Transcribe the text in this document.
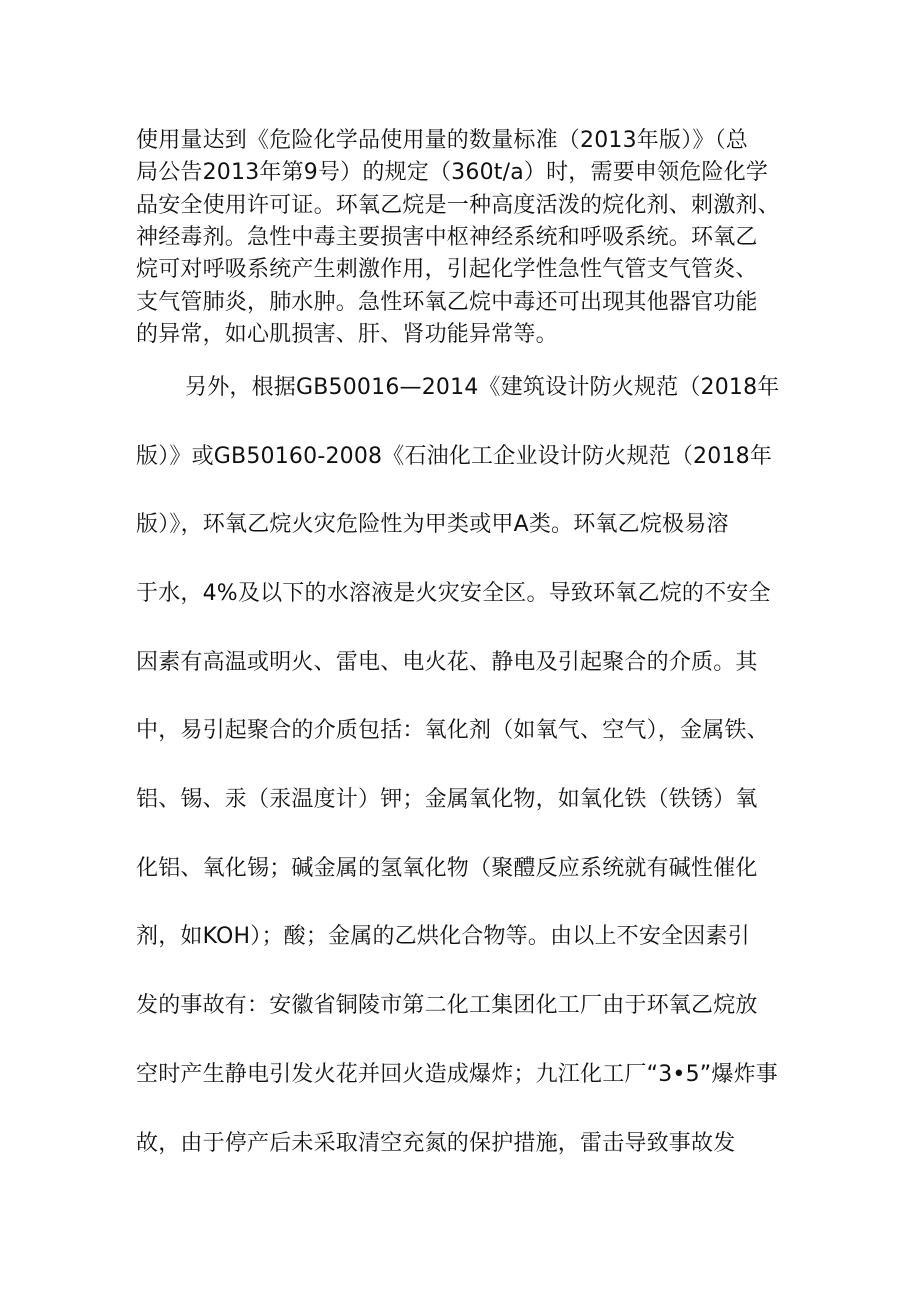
使用量达到《危险化学品使用量的数量标准（2013年版）》（总
局公告2013年第9号）的规定（360t/a）时，需要申领危险化学
品安全使用许可证。环氧乙烷是一种高度活泼的烷化剂、刺激剂、
神经毒剂。急性中毒主要损害中枢神经系统和呼吸系统。环氧乙
烷可对呼吸系统产生刺激作用，引起化学性急性气管支气管炎、
支气管肺炎，肺水肿。急性环氧乙烷中毒还可出现其他器官功能
的异常，如心肌损害、肝、肾功能异常等。
另外，根据GB50016—2014《建筑设计防火规范（2018年
版）》或GB50160-2008《石油化工企业设计防火规范（2018年
版）》，环氧乙烷火灾危险性为甲类或甲A类。环氧乙烷极易溶
于水，4%及以下的水溶液是火灾安全区。导致环氧乙烷的不安全
因素有高温或明火、雷电、电火花、静电及引起聚合的介质。其
中，易引起聚合的介质包括：氧化剂（如氧气、空气），金属铁、
铝、锡、汞（汞温度计）钾；金属氧化物，如氧化铁（铁锈）氧
化铝、氧化锡；碱金属的氢氧化物（聚醴反应系统就有碱性催化
剂，如KOH）；酸；金属的乙烘化合物等。由以上不安全因素引
发的事故有：安徽省铜陵市第二化工集团化工厂由于环氧乙烷放
空时产生静电引发火花并回火造成爆炸；九江化工厂“3•5”爆炸事
故，由于停产后未采取清空充氮的保护措施，雷击导致事故发
